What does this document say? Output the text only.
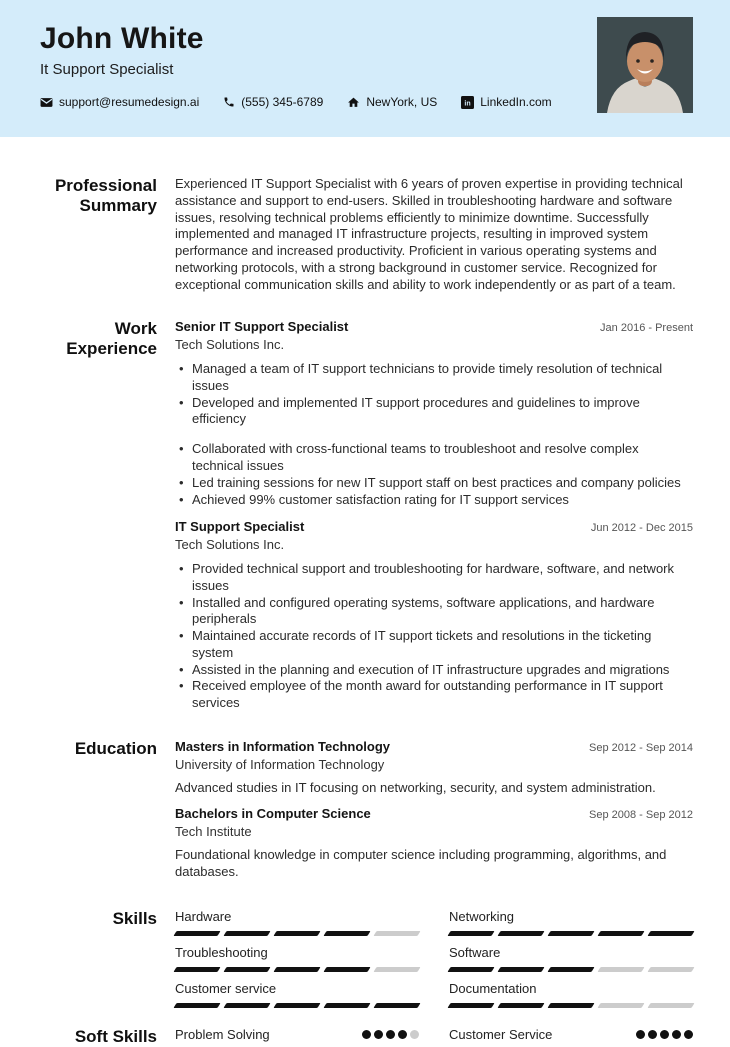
John White
It Support Specialist
support@resumedesign.ai	(555) 345-6789	NewYork, US in LinkedIn.com
Professional Summary

Experienced IT Support Specialist with 6 years of proven expertise in providing technical assistance and support to end-users. Skilled in troubleshooting hardware and software issues, resolving technical problems efficiently to minimize downtime. Successfully implemented and managed IT infrastructure projects, resulting in improved system performance and increased productivity. Proficient in various operating systems and networking protocols, with a strong background in customer service. Recognized for exceptional communication skills and ability to work independently or as part of a team.

Work Experience
Senior IT Support Specialist	Jan 2016 - Present
Tech Solutions Inc.
• Managed a team of IT support technicians to provide timely resolution of technical issues
• Developed and implemented IT support procedures and guidelines to improve efficiency
• Collaborated with cross-functional teams to troubleshoot and resolve complex technical issues
• Led training sessions for new IT support staff on best practices and company policies
• Achieved 99% customer satisfaction rating for IT support services
IT Support Specialist	Jun 2012 - Dec 2015
Tech Solutions Inc.
• Provided technical support and troubleshooting for hardware, software, and network issues
• Installed and configured operating systems, software applications, and hardware peripherals
• Maintained accurate records of IT support tickets and resolutions in the ticketing system
• Assisted in the planning and execution of IT infrastructure upgrades and migrations
• Received employee of the month award for outstanding performance in IT support services
Education Masters in Information Technology	Sep 2012 - Sep 2014
University of Information Technology
Advanced studies in IT focusing on networking, security, and system administration.
Bachelors in Computer Science	Sep 2008 - Sep 2012
Tech Institute
Foundational knowledge in computer science including programming, algorithms, and databases.
Skills Hardware	Networking
Troubleshooting	Software
Customer service	Documentation
Soft Skills Problem Solving	Customer Service
